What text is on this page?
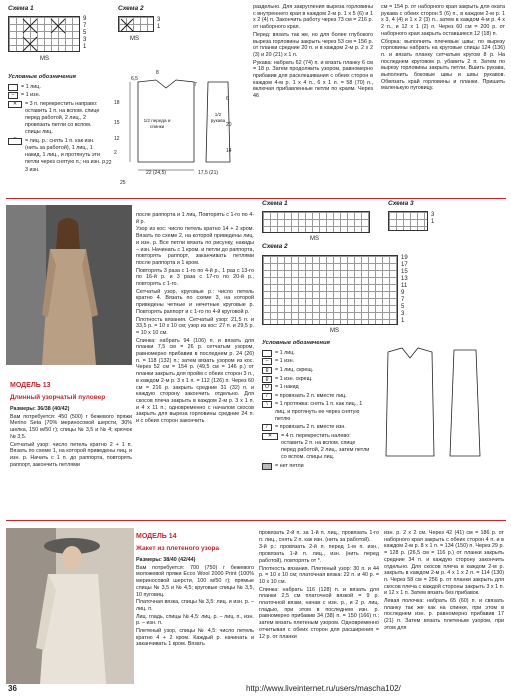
Схема 1
9
7
5
3
1
MS
Схема 2
3
1
MS
Условные обозначения
= 1 лиц.
–	= 1 изн.
✕	= 3 п. перекрестить направо: оставить 1 п. на вспом. спице перед работой, 2 лиц., 2 провязать петли со вспом. спицы лиц.
⌒	= лиц. р.: снять 1 п. как изн. (нить за работой), 1 лиц., 1 накид, 1 лиц., и протянуть эти петли через снятую п.; на изн. р. 3 изн.
6,5
8
18
15
12
2
1/2 переда и спинки
22
25
7
6
20
14
22 (24,5)	17,5 (21)
1/2 рукава

раздельно. Для закругления выреза горловины с внутреннего края в каждом 2-м р. 1 х 5 (6) и 1 х 2 (4) п. Закончить работу через 73 см = 216 р. от наборного края.

Перед: вязать так же, но для более глубокого выреза горловины закрыть через 53 см = 156 р. от планки средние 20 п. и в каждом 2-м р. 2 х 2 (3) и 20 (21) х 1 п.

Рукава: набрать 62 (74) п. и вязать планку 6 см = 18 р. Затем продолжить узором, равномерно прибавив для расклешивания с обеих сторон в каждом 4-м р. 1 х 4 п., 6 х 1 п. = 58 (70) п., включая прибавленные петли по краям. Через 46

см = 154 р. от наборного края закрыть для оката рукава с обеих сторон 5 (6) п., в каждом 2-м р. 1 х 3, 4 (4) и 1 х 2 (3) п., затем в каждом 4-м р. 4 х 2 п., и 12 х 1 (2) п. Через 60 см = 200 р. от наборного края закрыть оставшиеся 12 (18) п.

Сборка: выполнить плечевые швы; по вырезу горловины набрать на круговые спицы 124 (136) п. и вязать планку сетчатым кругом 8 р. На последнем круговом р. убавить 2 п. Затем по вырезу горловины закрыть петли. Вшить рукава, выполнить боковые швы и швы рукавов. Обвязать край горловины и планки. Пришить маленькую пуговицу.

МОДЕЛЬ 13
Длинный узорчатый пуловер

Размеры: 36/38 (40/42)

Вам потребуется: 450 (500) г бежевого пряжи Merino Seta (70% мериносовой шерсти, 30% шелка, 150 м/50 г); спицы № 3,5 и № 4; крючок № 3,5.

Сетчатый узор: число петель кратно 2 + 1 п. Вязать по схеме 1, на которой приведены лиц. и изн. р. Начать с 1 п. до раппорта, повторять раппорт, закончить петлями

после раппорта и 1 лиц. Повторять с 1-го по 4-й р.

Узор из кос: число петель кратно 14 + 2 кром. Вязать по схеме 2, на которой приведены лиц. и изн. р. Все петли вязать по рисунку, накиды – изн. Начинать с 1 кром. и петли до раппорта, повторять раппорт, заканчивать петлями после раппорта и 1 кром.

Повторять 3 раза с 1-го по 4-й р., 1 раз с 13-го по 16-й р. и 3 раза с 17-го по 20-й р., повторять с 1-го.

Сетчатый узор, круговые р.: число петель кратно 4. Вязать по схеме 3, на которой приведены четные и нечетные круговые р. Повторять раппорт и с 1-го по 4-й круговой р.

Плотность вязания. Сетчатый узор: 21,5 п. и 33,5 р. = 10 х 10 см; узор из кос: 27 п. и 29,5 р. = 10 х 10 см.

Спинка: набрать 94 (106) п. и вязать для планки 7,5 см = 26 р. сетчатым узором, равномерно прибавив в последнем р. 24 (26) п. = 118 (132) п.; затем вязать узором из кос. Через 52 см = 154 р. (49,5 см = 146 р.) от планки закрыть для пройм с обеих сторон 3 п., в каждом 2-м р. 3 х 1 п. = 112 (126) п. Через 60 см = 216 р. закрыть средние 31 (32) п. и каждую сторону закончить отдельно. Для скосов плеча закрыть в каждом 2-м р. 3 х 1 п. и 4 х 11 п.; одновременно с началом скосов закрыть для выреза горловины средние 24 п. и с обеих сторон закончить

Схема 1
MS
Схема 3
3
1
Схема 2
19
17
15
13
11
9
7
5
3
1
MS
Условные обозначения
= 1 лиц.
–	= 1 изн.
ϱ	= 1 лиц. скрещ.
ϱ	= 1 изн. скрещ.
O	= 1 накид
/	= провязать 2 п. вместе лиц.
\	= 1 протяжка: снять 1 п. как лиц., 1 лиц. и протянуть ее через снятую петлю
/	= провязать 2 п. вместе изн.
✕	= 4 п. перекрестить налево: оставить 2 п. на вспом. спице перед работой, 2 лиц., затем петли со вспом. спицы лиц.
= нет петли
МОДЕЛЬ 14
Жакет из плетеного узора

Размеры: 38/40 (42/44)

Вам потребуется: 700 (750) г бежевого моложевой пряжи Ecco Wool 2000 Print (100% мериносовой шерсти, 100 м/50 г); прямые спицы № 3,5 и № 4,5; круговые спицы № 3,5, 10 пуговиц.

Платочная вязка, спицы № 3,5: лиц. и изн. р. – лиц. п.

Лиц. гладь, спицы № 4,5: лиц. р. – лиц. п., изн. р. – изн. п.

Плетеный узор, спицы № 4,5: число петель кратно 4 + 2 кром. Каждый р. начинать и заканчивать 1 кром. Вязать

провязать 2-й п. за 1-й п. лиц., провязать 1-го п. лиц., снять 2 п. как изн. (нить за работой).

3-й р.: провязать 2-й п. перед 1-м п. изн., провязать 1-й п. лиц., изн. (нить перед работой), повторять от *.

Плотность вязания. Плетеный узор: 30 п. и 44 р. = 10 х 10 см; платочная вязка: 22 п. и 40 р. = 10 х 10 см.

Спинка: набрать 116 (128) п. и вязать для планки 2,5 см платочной вязкой = 9 р. платочной вязки, начав с изн. р., и 2 р. лиц. гладью, при этом в последнем изн. р. равномерно прибавив 34 (38) п. = 150 (166) п.; затем вязать плетеным узором. Одновременно отчитывая с обеих сторон для расширения = 12 р. от планки

изн. р. 2 х 2 см. Через 42 (41) см = 186 р. от наборного края закрыть с обеих сторон 4 п. и в каждом 2-м р. 8 х 1 п. = 134 (150) п. Через 29 р. = 128 р. (26,5 см = 116 р.) от планки закрыть средние 34 п. и каждую сторону закончить отдельно. Для скосов плеча в каждом 2-м р. закрыть в каждом 2-м р. 4 х 1 х 2 п. = 114 (130) п. Через 58 см = 256 р. от планки закрыть для скосов плеча с каждой стороны закрыть 3 х 1 п. и 12 х 1 п. Затем вязать без прибавок.

Левая полочка: набрать 65 (60) п. и связать планку так же как на спинке, при этом в последнем изн. р. равномерно прибавив 17 (21) п. Затем вязать плетеным узором, при этом для

36	http://www.liveinternet.ru/users/mascha102/
